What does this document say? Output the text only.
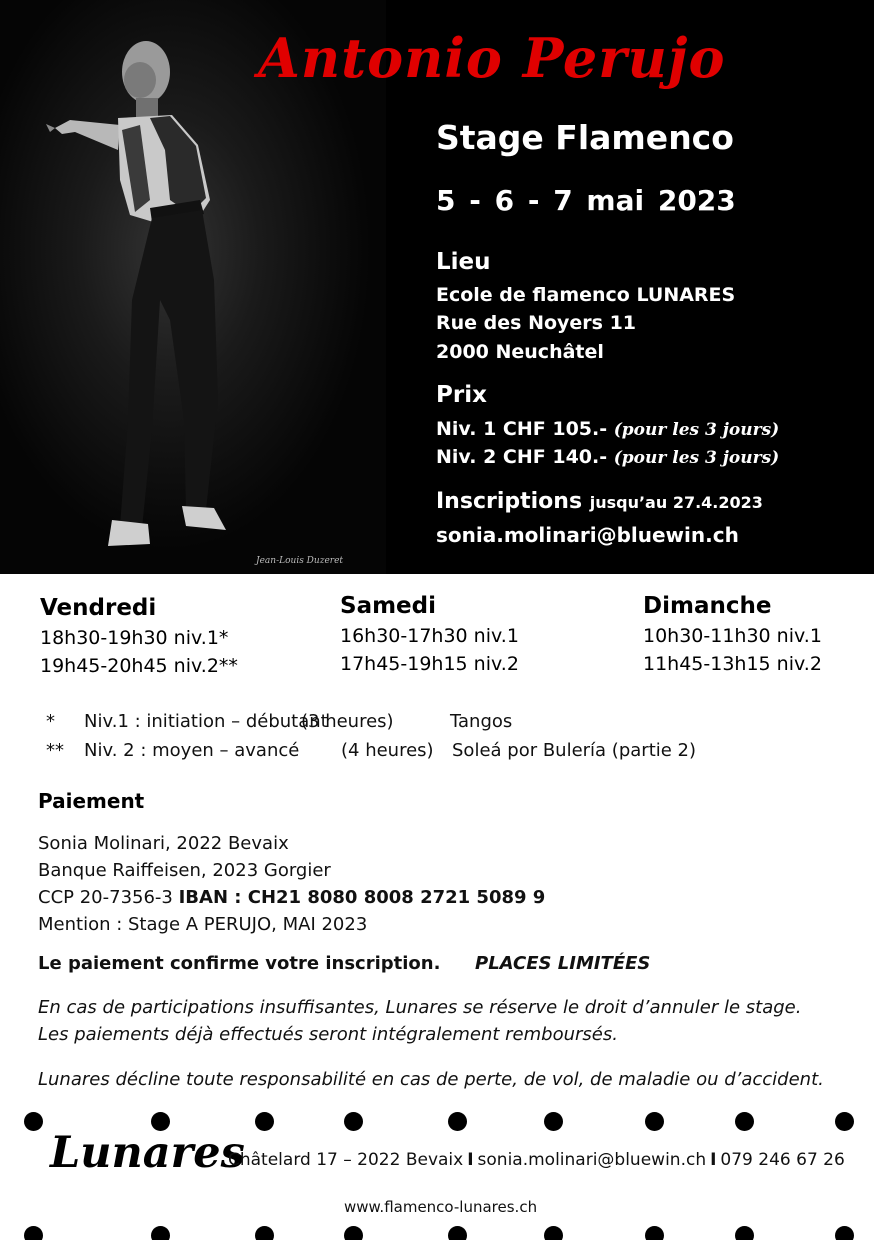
Jean-Louis Duzeret
Antonio Perujo
Stage Flamenco
5 - 6 - 7 mai 2023
Lieu
Ecole de flamenco LUNARES
Rue des Noyers 11
2000 Neuchâtel
Prix
Niv. 1 CHF 105.- (pour les 3 jours)
Niv. 2 CHF 140.- (pour les 3 jours)
Inscriptions jusqu’au 27.4.2023
sonia.molinari@bluewin.ch
Vendredi
18h30-19h30 niv.1*
19h45-20h45 niv.2**
Samedi
16h30-17h30 niv.1
17h45-19h15 niv.2
Dimanche
10h30-11h30 niv.1
11h45-13h15 niv.2
* Niv.1 : initiation – débutant
(3 heures)	Tangos
** Niv. 2 : moyen – avancé (4 heures) Soleá por Bulería (partie 2)
Paiement
Sonia Molinari, 2022 Bevaix
Banque Raiffeisen, 2023 Gorgier
CCP 20-7356-3 IBAN : CH21 8080 8008 2721 5089 9
Mention : Stage A PERUJO, MAI 2023
Le paiement confirme votre inscription. PLACES LIMITÉES
En cas de participations insuffisantes, Lunares se réserve le droit d’annuler le stage.
Les paiements déjà effectués seront intégralement remboursés.
Lunares décline toute responsabilité en cas de perte, de vol, de maladie ou d’accident.
Lunares
Châtelard 17 – 2022 Bevaix I sonia.molinari@bluewin.ch I 079 246 67 26
www.flamenco-lunares.ch
